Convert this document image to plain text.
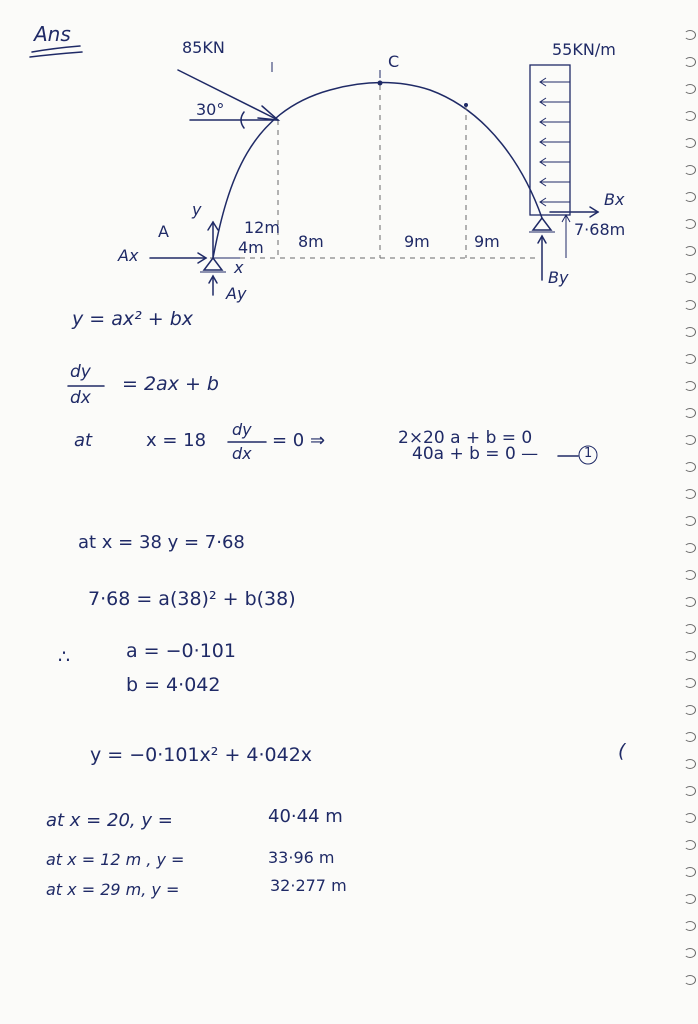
Ans
85KN	55KN/m
30°
C
A
y
x
Ax
Ay
Bx
By
7·68m
12m
4m 8m	9m	9m
y = ax² + bx
dy
dx
= 2ax + b
at	x = 18
dy
dx
= 0 ⇒	2×20 a + b = 0
40a + b = 0 —	1
at x = 38 y = 7·68
7·68 = a(38)² + b(38)
∴	a = −0·101
b = 4·042
y = −0·101x² + 4·042x	(
at x = 20, y =	40·44 m
at x = 12 m , y =	33·96 m
at x = 29 m, y =	32·277 m
